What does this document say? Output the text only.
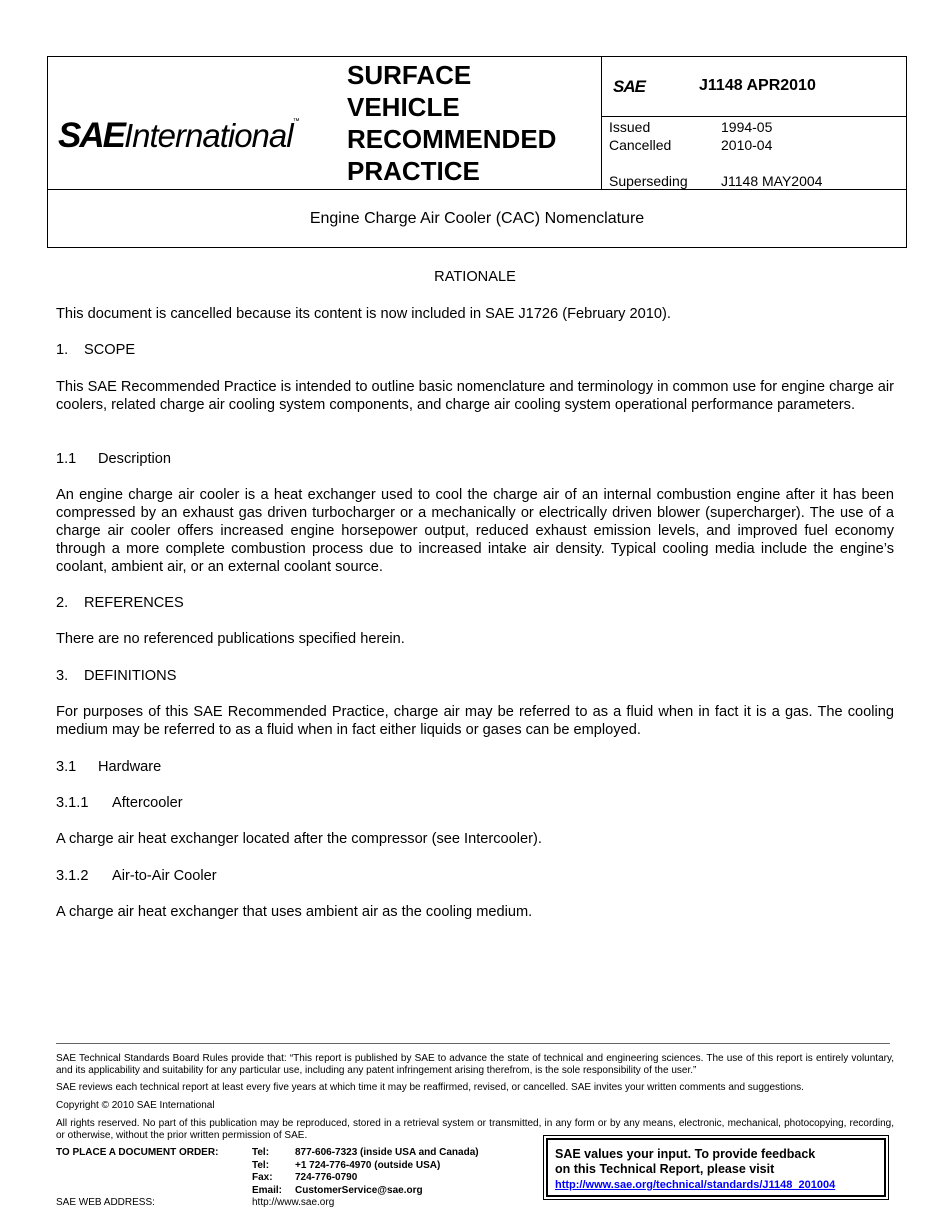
SAEInternational ™
SURFACE
VEHICLE
RECOMMENDED
PRACTICE
SAE	J1148 APR2010
Issued	1994-05
Cancelled	2010-04
Superseding J1148 MAY2004
Engine Charge Air Cooler (CAC) Nomenclature
RATIONALE
This document is cancelled because its content is now included in SAE J1726 (February 2010).
1. SCOPE
This SAE Recommended Practice is intended to outline basic nomenclature and terminology in common use for engine charge air coolers, related charge air cooling system components, and charge air cooling system operational performance parameters.
1.1 Description
An engine charge air cooler is a heat exchanger used to cool the charge air of an internal combustion engine after it has been compressed by an exhaust gas driven turbocharger or a mechanically or electrically driven blower (supercharger). The use of a charge air cooler offers increased engine horsepower output, reduced exhaust emission levels, and improved fuel economy through a more complete combustion process due to increased intake air density. Typical cooling media include the engine’s coolant, ambient air, or an external coolant source.
2. REFERENCES
There are no referenced publications specified herein.
3. DEFINITIONS
For purposes of this SAE Recommended Practice, charge air may be referred to as a fluid when in fact it is a gas. The cooling medium may be referred to as a fluid when in fact either liquids or gases can be employed.
3.1 Hardware
3.1.1 Aftercooler
A charge air heat exchanger located after the compressor (see Intercooler).
3.1.2 Air-to-Air Cooler
A charge air heat exchanger that uses ambient air as the cooling medium.
SAE Technical Standards Board Rules provide that: “This report is published by SAE to advance the state of technical and engineering sciences. The use of this report is entirely voluntary, and its applicability and suitability for any particular use, including any patent infringement arising therefrom, is the sole responsibility of the user.”
SAE reviews each technical report at least every five years at which time it may be reaffirmed, revised, or cancelled. SAE invites your written comments and suggestions.
Copyright © 2010 SAE International
All rights reserved. No part of this publication may be reproduced, stored in a retrieval system or transmitted, in any form or by any means, electronic, mechanical, photocopying, recording, or otherwise, without the prior written permission of SAE.
TO PLACE A DOCUMENT ORDER:	Tel:	877-606-7323 (inside USA and Canada)
Tel:	+1 724-776-4970 (outside USA)
Fax: 724-776-0790
Email: CustomerService@sae.org
SAE WEB ADDRESS:	http://www.sae.org
SAE values your input. To provide feedback
on this Technical Report, please visit
http://www.sae.org/technical/standards/J1148_201004
